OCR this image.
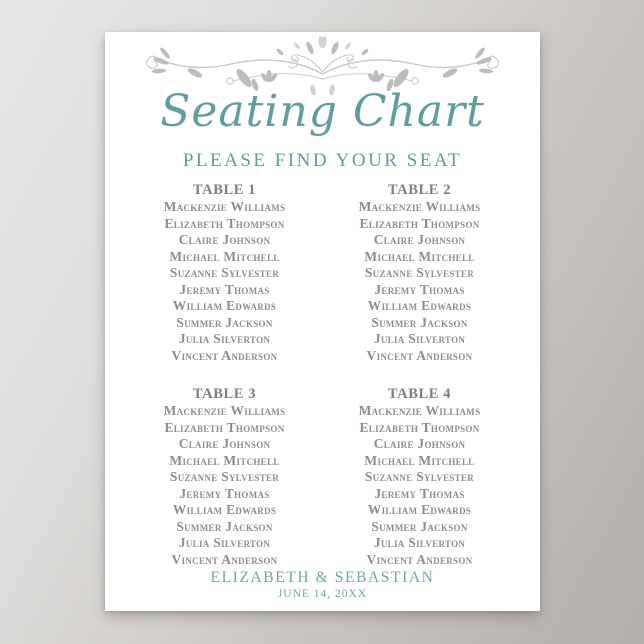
Seating Chart
PLEASE FIND YOUR SEAT
TABLE 1
Mackenzie Williams
Elizabeth Thompson
Claire Johnson
Michael Mitchell
Suzanne Sylvester
Jeremy Thomas
William Edwards
Summer Jackson
Julia Silverton
Vincent Anderson
TABLE 2
Mackenzie Williams
Elizabeth Thompson
Claire Johnson
Michael Mitchell
Suzanne Sylvester
Jeremy Thomas
William Edwards
Summer Jackson
Julia Silverton
Vincent Anderson
TABLE 3
Mackenzie Williams
Elizabeth Thompson
Claire Johnson
Michael Mitchell
Suzanne Sylvester
Jeremy Thomas
William Edwards
Summer Jackson
Julia Silverton
Vincent Anderson
TABLE 4
Mackenzie Williams
Elizabeth Thompson
Claire Johnson
Michael Mitchell
Suzanne Sylvester
Jeremy Thomas
William Edwards
Summer Jackson
Julia Silverton
Vincent Anderson
ELIZABETH & SEBASTIAN
JUNE 14, 20XX
